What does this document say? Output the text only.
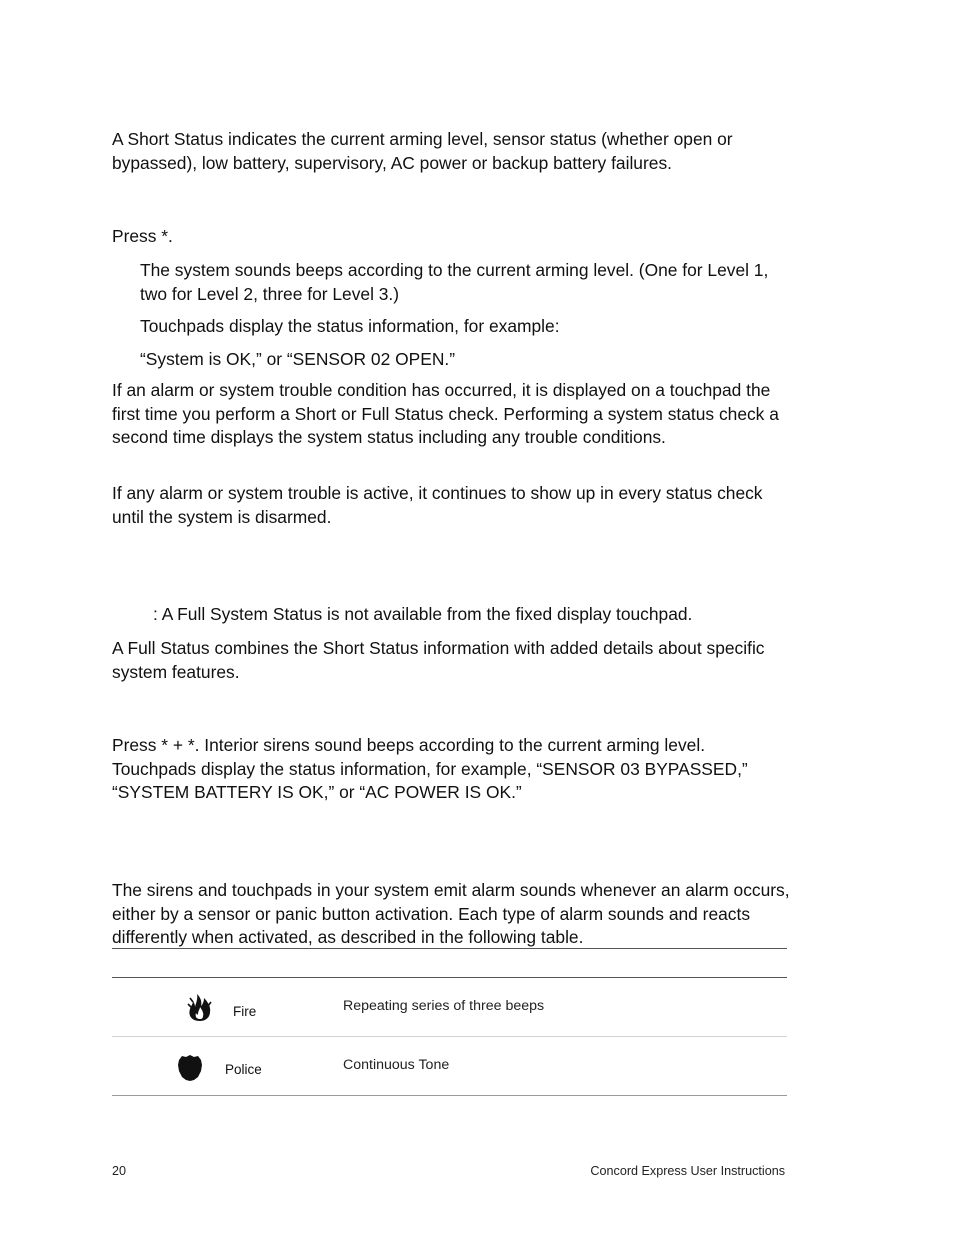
A Short Status indicates the current arming level, sensor status (whether open or bypassed), low battery, supervisory, AC power or backup battery failures.

Press *.

The system sounds beeps according to the current arming level. (One for Level 1, two for Level 2, three for Level 3.)

Touchpads display the status information, for example:

“System is OK,” or “SENSOR 02 OPEN.”

If an alarm or system trouble condition has occurred, it is displayed on a touchpad the first time you perform a Short or Full Status check. Performing a system status check a second time displays the system status including any trouble conditions.

If any alarm or system trouble is active, it continues to show up in every status check until the system is disarmed.

: A Full System Status is not available from the fixed display touchpad.

A Full Status combines the Short Status information with added details about specific system features.

Press * + *. Interior sirens sound beeps according to the current arming level. Touchpads display the status information, for example, “SENSOR 03 BYPASSED,” “SYSTEM BATTERY IS OK,” or “AC POWER IS OK.”

The sirens and touchpads in your system emit alarm sounds whenever an alarm occurs, either by a sensor or panic button activation. Each type of alarm sounds and reacts differently when activated, as described in the following table.

Fire	Repeating series of three beeps
Police	Continuous Tone
20	Concord Express User Instructions
